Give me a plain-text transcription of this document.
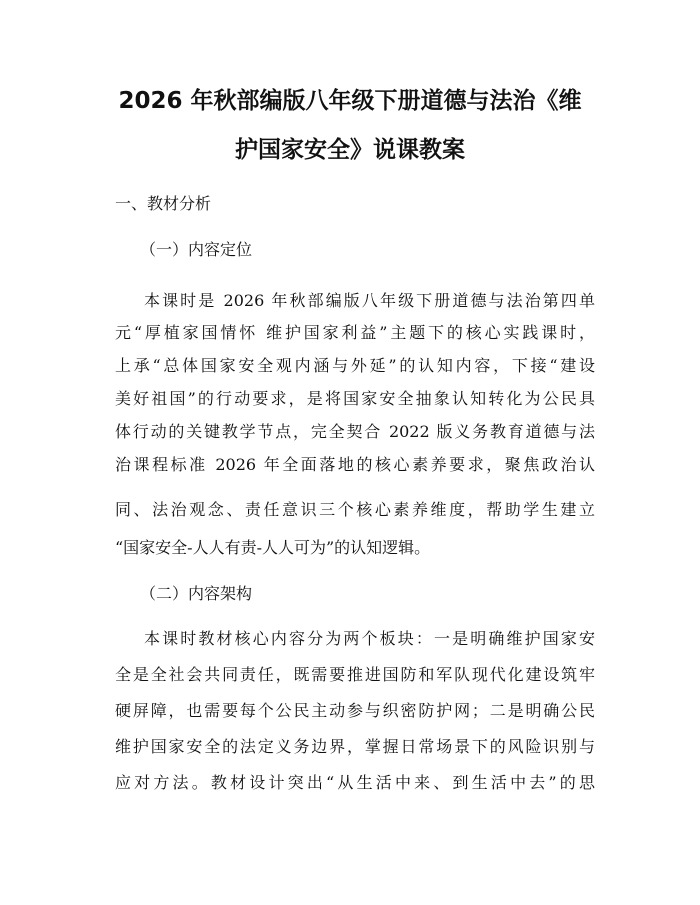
2026 年秋部编版八年级下册道德与法治《维
护国家安全》说课教案
一、教材分析
（一）内容定位
本课时是 2026 年秋部编版八年级下册道德与法治第四单
元“厚植家国情怀 维护国家利益”主题下的核心实践课时，
上承“总体国家安全观内涵与外延”的认知内容，下接“建设
美好祖国”的行动要求，是将国家安全抽象认知转化为公民具
体行动的关键教学节点，完全契合 2022 版义务教育道德与法
治课程标准 2026 年全面落地的核心素养要求，聚焦政治认
同、法治观念、责任意识三个核心素养维度，帮助学生建立
“国家安全-人人有责-人人可为”的认知逻辑。
（二）内容架构
本课时教材核心内容分为两个板块：一是明确维护国家安
全是全社会共同责任，既需要推进国防和军队现代化建设筑牢
硬屏障，也需要每个公民主动参与织密防护网；二是明确公民
维护国家安全的法定义务边界，掌握日常场景下的风险识别与
应对方法。教材设计突出“从生活中来、到生活中去”的思
